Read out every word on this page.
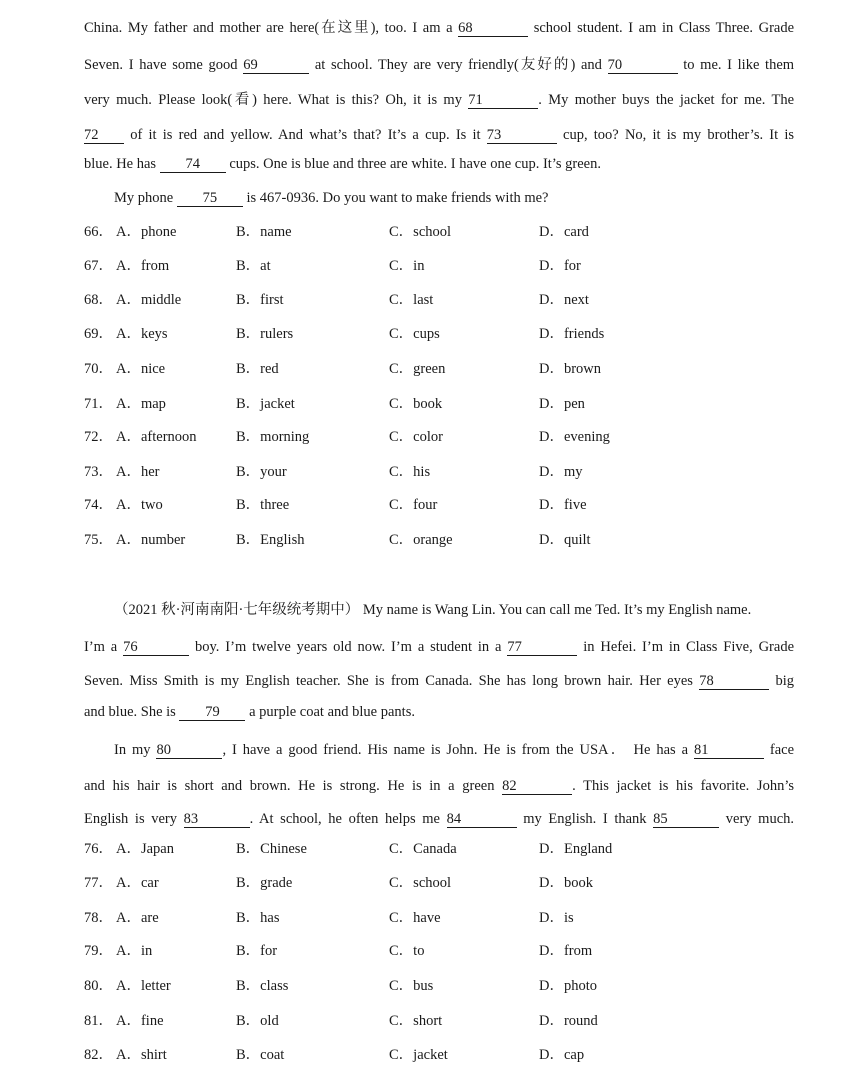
China. My father and mother are here(在这里), too. I am a 68	school student. I am in Class Three. Grade
Seven. I have some good 69	at school. They are very friendly(友好的) and 70	to me. I like them
very much. Please look(看) here. What is this? Oh, it is my 71	. My mother buys the jacket for me. The
72 of it is red and yellow. And what’s that? It’s a cup. Is it 73	cup, too? No, it is my brother’s. It is
blue. He has 74 cups. One is blue and three are white. I have one cup. It’s green.
My phone 75 is 467-0936. Do you want to make friends with me?
66． A．phone	B．name	C．school	D．card
67． A．from	B．at	C．in	D．for
68． A．middle	B．first	C．last	D．next
69． A．keys	B．rulers	C．cups	D．friends
70． A．nice	B．red	C．green	D．brown
71． A．map	B．jacket	C．book	D．pen
72． A．afternoon	B．morning	C．color	D．evening
73． A．her	B．your	C．his	D．my
74． A．two	B．three	C．four	D．five
75． A．number	B．English	C．orange	D．quilt
（2021 秋·河南南阳·七年级统考期中） My name is Wang Lin. You can call me Ted. It’s my English name.
I’m a 76	boy. I’m twelve years old now. I’m a student in a 77	in Hefei. I’m in Class Five, Grade
Seven. Miss Smith is my English teacher. She is from Canada. She has long brown hair. Her eyes 78	big
and blue. She is 79 a purple coat and blue pants.
In my 80	, I have a good friend. His name is John. He is from the USA． He has a 81	face
and his hair is short and brown. He is strong. He is in a green 82	. This jacket is his favorite. John’s
English is very 83	. At school, he often helps me 84	my English. I thank 85	very much.
76． A．Japan	B．Chinese	C．Canada	D．England
77． A．car	B．grade	C．school	D．book
78． A．are	B．has	C．have	D．is
79． A．in	B．for	C．to	D．from
80． A．letter	B．class	C．bus	D．photo
81． A．fine	B．old	C．short	D．round
82． A．shirt	B．coat	C．jacket	D．cap
